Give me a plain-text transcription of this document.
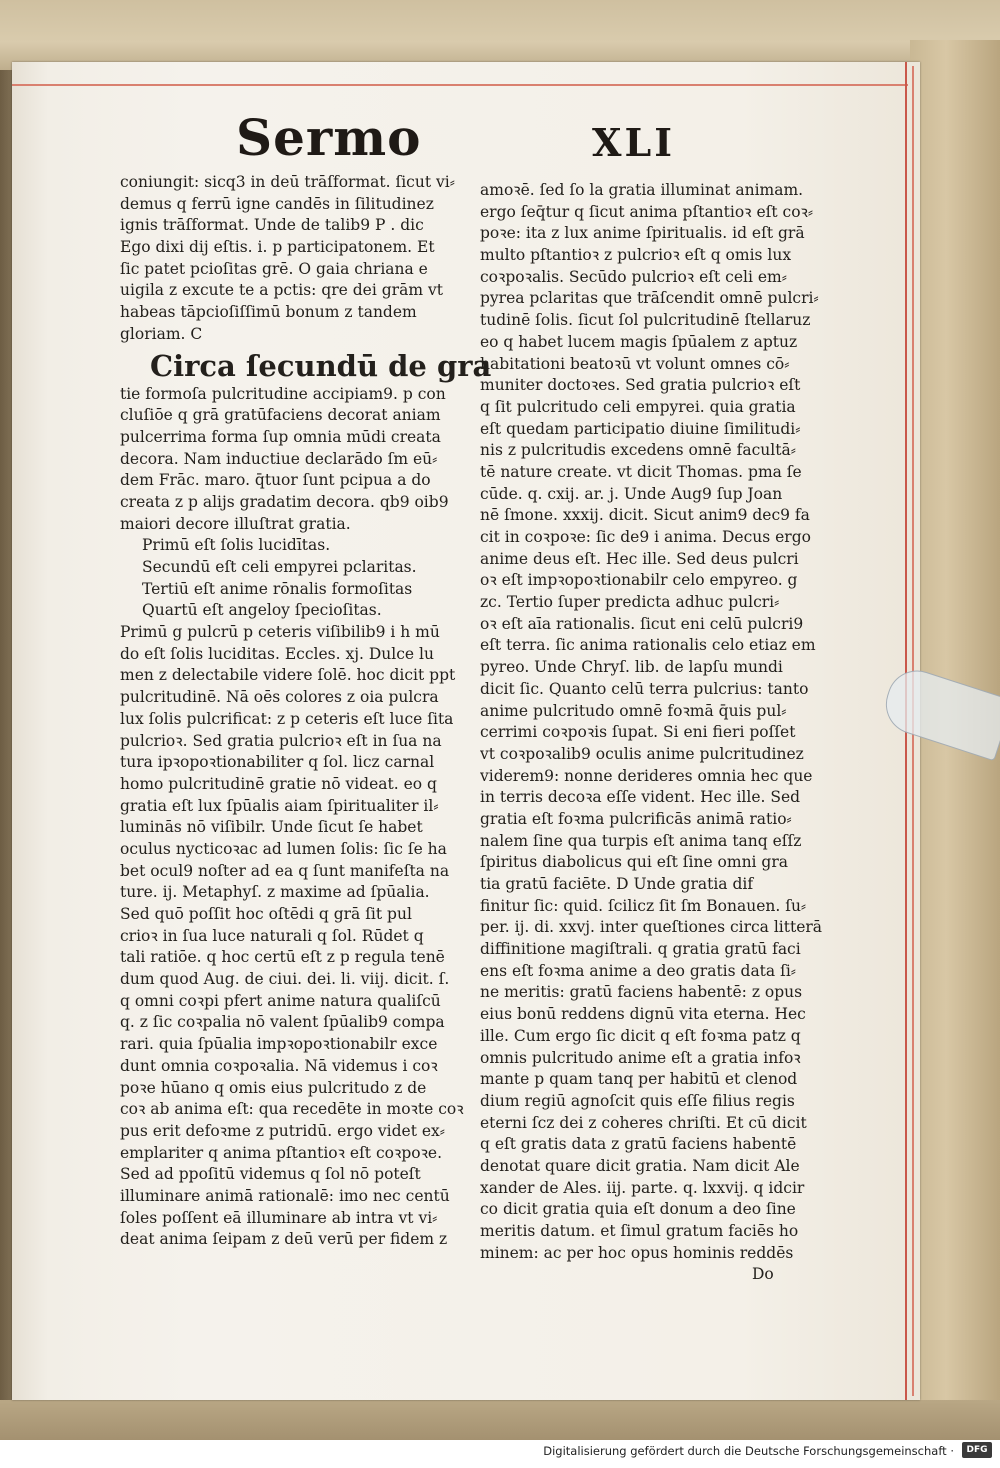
Sermo	XLI
coniungit: sicq3 in deū trāſformat. ſicut vi⸗
demus q ferrū igne candēs in ſilitudinez
ignis trāſformat. Unde de talib9 P . dic
Ego dixi dij eſtis. i. p participatonem. Et
ſic patet pcioſitas grē. O gaia chriana e
uigila z excute te a pctis: qre dei grām vt
habeas tāpcioſiſſimū bonum z tandem
gloriam. C
Circa ſecundū de gra
tie formoſa pulcritudine accipiam9. p con
cluſiōe q grā gratūfaciens decorat aniam
pulcerrima forma ſup omnia mūdi creata
decora. Nam inductiue declarādo ſm eū⸗
dem Frāc. maro. q̄tuor ſunt pcipua a do
creata z p alijs gradatim decora. qb9 oib9
maiori decore illuſtrat gratia.
Primū eſt ſolis lucidītas.
Secundū eſt celi empyrei pclaritas.
Tertiū eſt anime rōnalis formoſitas
Quartū eſt angeloy ſpecioſitas.
Primū g pulcrū p ceteris viſibilib9 i h mū
do eſt ſolis luciditas. Eccles. xj. Dulce lu
men z delectabile videre ſolē. hoc dicit ppt
pulcritudinē. Nā oēs colores z oia pulcra
lux ſolis pulcrificat: z p ceteris eſt luce ſita
pulcrioꝛ. Sed gratia pulcrioꝛ eſt in ſua na
tura ipꝛopoꝛtionabiliter q ſol. licz carnal
homo pulcritudinē gratie nō videat. eo q
gratia eſt lux ſpūalis aiam ſpiritualiter il⸗
luminās nō viſibilr. Unde ſicut ſe habet
oculus nycticoꝛac ad lumen ſolis: ſic ſe ha
bet ocul9 noſter ad ea q ſunt manifeſta na
ture. ij. Metaphyſ. z maxime ad ſpūalia.
Sed quō poſſit hoc oſtēdi q grā ſit pul
crioꝛ in ſua luce naturali q ſol. Rūdet q
tali ratiōe. q hoc certū eſt z p regula tenē
dum quod Aug. de ciui. dei. li. viij. dicit. ſ.
q omni coꝛpi pfert anime natura qualiſcū
q. z ſic coꝛpalia nō valent ſpūalib9 compa
rari. quia ſpūalia impꝛopoꝛtionabilr exce
dunt omnia coꝛpoꝛalia. Nā videmus i coꝛ
poꝛe hūano q omis eius pulcritudo z de
coꝛ ab anima eſt: qua recedēte in moꝛte coꝛ
pus erit defoꝛme z putridū. ergo videt ex⸗
emplariter q anima pſtantioꝛ eſt coꝛpoꝛe.
Sed ad ppoſitū videmus q ſol nō poteſt
illuminare animā rationalē: imo nec centū
ſoles poſſent eā illuminare ab intra vt vi⸗
deat anima ſeipam z deū verū per fidem z
amoꝛē. ſed ſo la gratia illuminat animam.
ergo ſeq̄tur q ſicut anima pſtantioꝛ eſt coꝛ⸗
poꝛe: ita z lux anime ſpiritualis. id eſt grā
multo pſtantioꝛ z pulcrioꝛ eſt q omis lux
coꝛpoꝛalis. Secūdo pulcrioꝛ eſt celi em⸗
pyrea pclaritas que trāſcendit omnē pulcri⸗
tudinē ſolis. ſicut ſol pulcritudinē ſtellaruz
eo q habet lucem magis ſpūalem z aptuz
habitationi beatoꝛū vt volunt omnes cō⸗
muniter doctoꝛes. Sed gratia pulcrioꝛ eſt
q ſit pulcritudo celi empyrei. quia gratia
eſt quedam participatio diuine ſimilitudi⸗
nis z pulcritudis excedens omnē facultā⸗
tē nature create. vt dicit Thomas. pma ſe
cūde. q. cxij. ar. j. Unde Aug9 ſup Joan
nē ſmone. xxxij. dicit. Sicut anim9 dec9 fa
cit in coꝛpoꝛe: ſic de9 i anima. Decus ergo
anime deus eſt. Hec ille. Sed deus pulcri
oꝛ eſt impꝛopoꝛtionabilr celo empyreo. g
zc. Tertio ſuper predicta adhuc pulcri⸗
oꝛ eſt aīa rationalis. ſicut eni celū pulcri9
eſt terra. ſic anima rationalis celo etiaz em
pyreo. Unde Chryſ. lib. de lapſu mundi
dicit ſic. Quanto celū terra pulcrius: tanto
anime pulcritudo omnē foꝛmā q̄uis pul⸗
cerrimi coꝛpoꝛis ſupat. Si eni fieri poſſet
vt coꝛpoꝛalib9 oculis anime pulcritudinez
viderem9: nonne derideres omnia hec que
in terris decoꝛa eſſe vident. Hec ille. Sed
gratia eſt foꝛma pulcrificās animā ratio⸗
nalem ſine qua turpis eſt anima tanq eſſz
ſpiritus diabolicus qui eſt ſine omni gra
tia gratū faciēte. D Unde gratia dif
finitur ſic: quid. ſcilicz ſit ſm Bonauen. ſu⸗
per. ij. di. xxvj. inter queſtiones circa litterā
diffinitione magiſtrali. q gratia gratū faci
ens eſt foꝛma anime a deo gratis data ſi⸗
ne meritis: gratū faciens habentē: z opus
eius bonū reddens dignū vita eterna. Hec
ille. Cum ergo ſic dicit q eſt foꝛma patz q
omnis pulcritudo anime eſt a gratia infoꝛ
mante p quam tanq per habitū et clenod
dium regiū agnoſcit quis eſſe filius regis
eterni ſcz dei z coheres chriſti. Et cū dicit
q eſt gratis data z gratū faciens habentē
denotat quare dicit gratia. Nam dicit Ale
xander de Ales. iij. parte. q. lxxvij. q idcir
co dicit gratia quia eſt donum a deo ſine
meritis datum. et ſimul gratum faciēs ho
minem: ac per hoc opus hominis reddēs
Do
Digitalisierung gefördert durch die Deutsche Forschungsgemeinschaft ·	DFG
